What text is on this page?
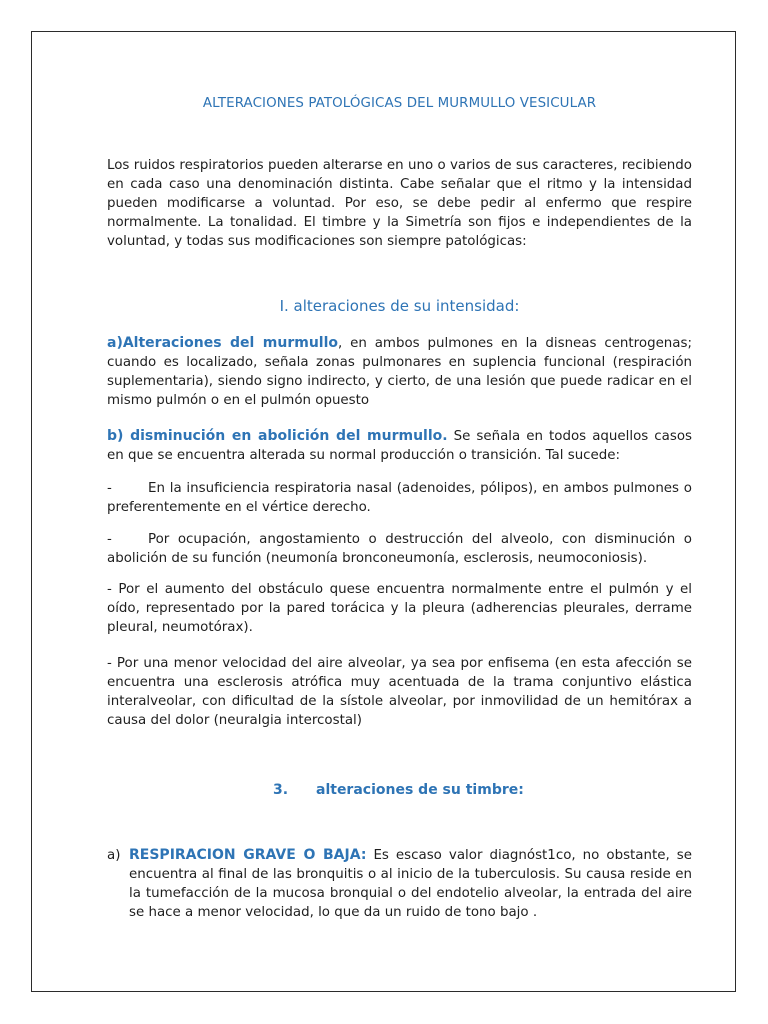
ALTERACIONES PATOLÓGICAS DEL MURMULLO VESICULAR

Los ruidos respiratorios pueden alterarse en uno o varios de sus caracteres, recibiendo en cada caso una denominación distinta. Cabe señalar que el ritmo y la intensidad pueden modificarse a voluntad. Por eso, se debe pedir al enfermo que respire normalmente. La tonalidad. El timbre y la Simetría son fijos e independientes de la voluntad, y todas sus modificaciones son siempre patológicas:

I. alteraciones de su intensidad:

a)Alteraciones del murmullo, en ambos pulmones en la disneas centrogenas; cuando es localizado, señala zonas pulmonares en suplencia funcional (respiración suplementaria), siendo signo indirecto, y cierto, de una lesión que puede radicar en el mismo pulmón o en el pulmón opuesto

b) disminución en abolición del murmullo. Se señala en todos aquellos casos en que se encuentra alterada su normal producción o transición. Tal sucede:

-	En la insuficiencia respiratoria nasal (adenoides, pólipos), en ambos pulmones o preferentemente en el vértice derecho.

-	Por ocupación, angostamiento o destrucción del alveolo, con disminución o abolición de su función (neumonía bronconeumonía, esclerosis, neumoconiosis).

- Por el aumento del obstáculo quese encuentra normalmente entre el pulmón y el oído, representado por la pared torácica y la pleura (adherencias pleurales, derrame pleural, neumotórax).

- Por una menor velocidad del aire alveolar, ya sea por enfisema (en esta afección se encuentra una esclerosis atrófica muy acentuada de la trama conjuntivo elástica interalveolar, con dificultad de la sístole alveolar, por inmovilidad de un hemitórax a causa del dolor (neuralgia intercostal)

3. alteraciones de su timbre:

a) RESPIRACION GRAVE O BAJA: Es escaso valor diagnóst1co, no obstante, se encuentra al final de las bronquitis o al inicio de la tuberculosis. Su causa reside en la tumefacción de la mucosa bronquial o del endotelio alveolar, la entrada del aire se hace a menor velocidad, lo que da un ruido de tono bajo .
